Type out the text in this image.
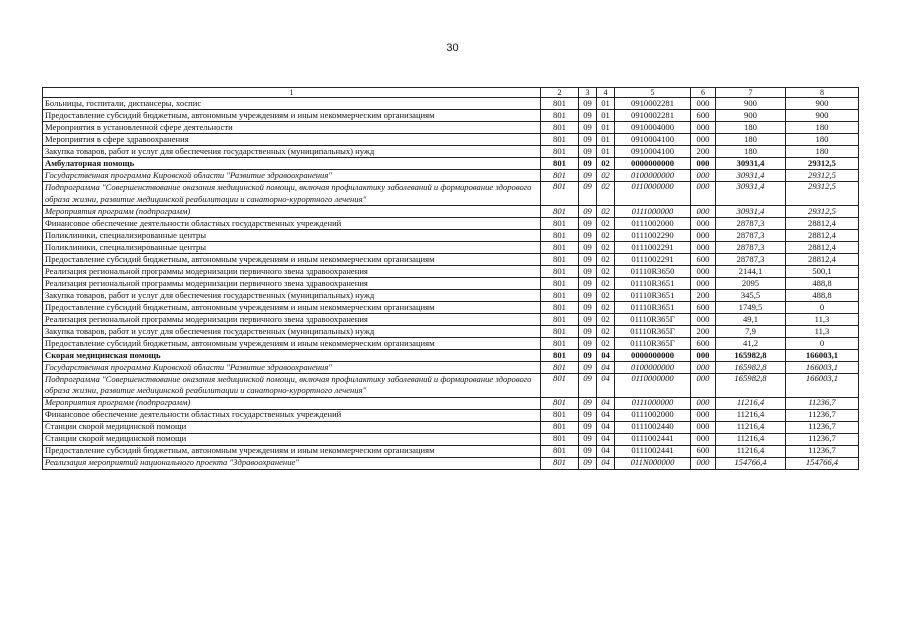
30
1	2	3	4	5	6	7	8
Больницы, госпитали, диспансеры, хоспис	801	09	01	0910002281	000	900	900
Предоставление субсидий бюджетным, автономным учреждениям и иным некоммерческим организациям	801	09	01	0910002281	600	900	900
Мероприятия в установленной сфере деятельности	801	09	01	0910004000	000	180	180
Мероприятия в сфере здравоохранения	801	09	01	0910004100	000	180	180
Закупка товаров, работ и услуг для обеспечения государственных (муниципальных) нужд	801	09	01	0910004100	200	180	180
Амбулаторная помощь	801	09	02	0000000000	000	30931,4	29312,5
Государственная программа Кировской области "Развитие здравоохранения"	801	09	02	0100000000	000	30931,4	29312,5
Подпрограмма "Совершенствование оказания медицинской помощи, включая профилактику заболеваний и формирование здорового образа жизни, развитие медицинской реабилитации и санаторно-курортного лечения"	801	09	02	0110000000	000	30931,4	29312,5
Мероприятия программ (подпрограмм)	801	09	02	0111000000	000	30931,4	29312,5
Финансовое обеспечение деятельности областных государственных учреждений	801	09	02	0111002000	000	28787,3	28812,4
Поликлиники, специализированные центры	801	09	02	0111002290	000	28787,3	28812,4
Поликлиники, специализированные центры	801	09	02	0111002291	000	28787,3	28812,4
Предоставление субсидий бюджетным, автономным учреждениям и иным некоммерческим организациям	801	09	02	0111002291	600	28787,3	28812,4
Реализация региональной программы модернизации первичного звена здравоохранения	801	09	02	01110R3650	000	2144,1	500,1
Реализация региональной программы модернизации первичного звена здравоохранения	801	09	02	01110R3651	000	2095	488,8
Закупка товаров, работ и услуг для обеспечения государственных (муниципальных) нужд	801	09	02	01110R3651	200	345,5	488,8
Предоставление субсидий бюджетным, автономным учреждениям и иным некоммерческим организациям	801	09	02	01110R3651	600	1749,5	0
Реализация региональной программы модернизации первичного звена здравоохранения	801	09	02	01110R365Г	000	49,1	11,3
Закупка товаров, работ и услуг для обеспечения государственных (муниципальных) нужд	801	09	02	01110R365Г	200	7,9	11,3
Предоставление субсидий бюджетным, автономным учреждениям и иным некоммерческим организациям	801	09	02	01110R365Г	600	41,2	0
Скорая медицинская помощь	801	09	04	0000000000	000	165982,8	166003,1
Государственная программа Кировской области "Развитие здравоохранения"	801	09	04	0100000000	000	165982,8	166003,1
Подпрограмма "Совершенствование оказания медицинской помощи, включая профилактику заболеваний и формирование здорового образа жизни, развитие медицинской реабилитации и санаторно-курортного лечения"	801	09	04	0110000000	000	165982,8	166003,1
Мероприятия программ (подпрограмм)	801	09	04	0111000000	000	11216,4	11236,7
Финансовое обеспечение деятельности областных государственных учреждений	801	09	04	0111002000	000	11216,4	11236,7
Станции скорой медицинской помощи	801	09	04	0111002440	000	11216,4	11236,7
Станции скорой медицинской помощи	801	09	04	0111002441	000	11216,4	11236,7
Предоставление субсидий бюджетным, автономным учреждениям и иным некоммерческим организациям	801	09	04	0111002441	600	11216,4	11236,7
Реализация мероприятий национального проекта "Здравоохранение"	801	09	04	011N000000	000	154766,4	154766,4
